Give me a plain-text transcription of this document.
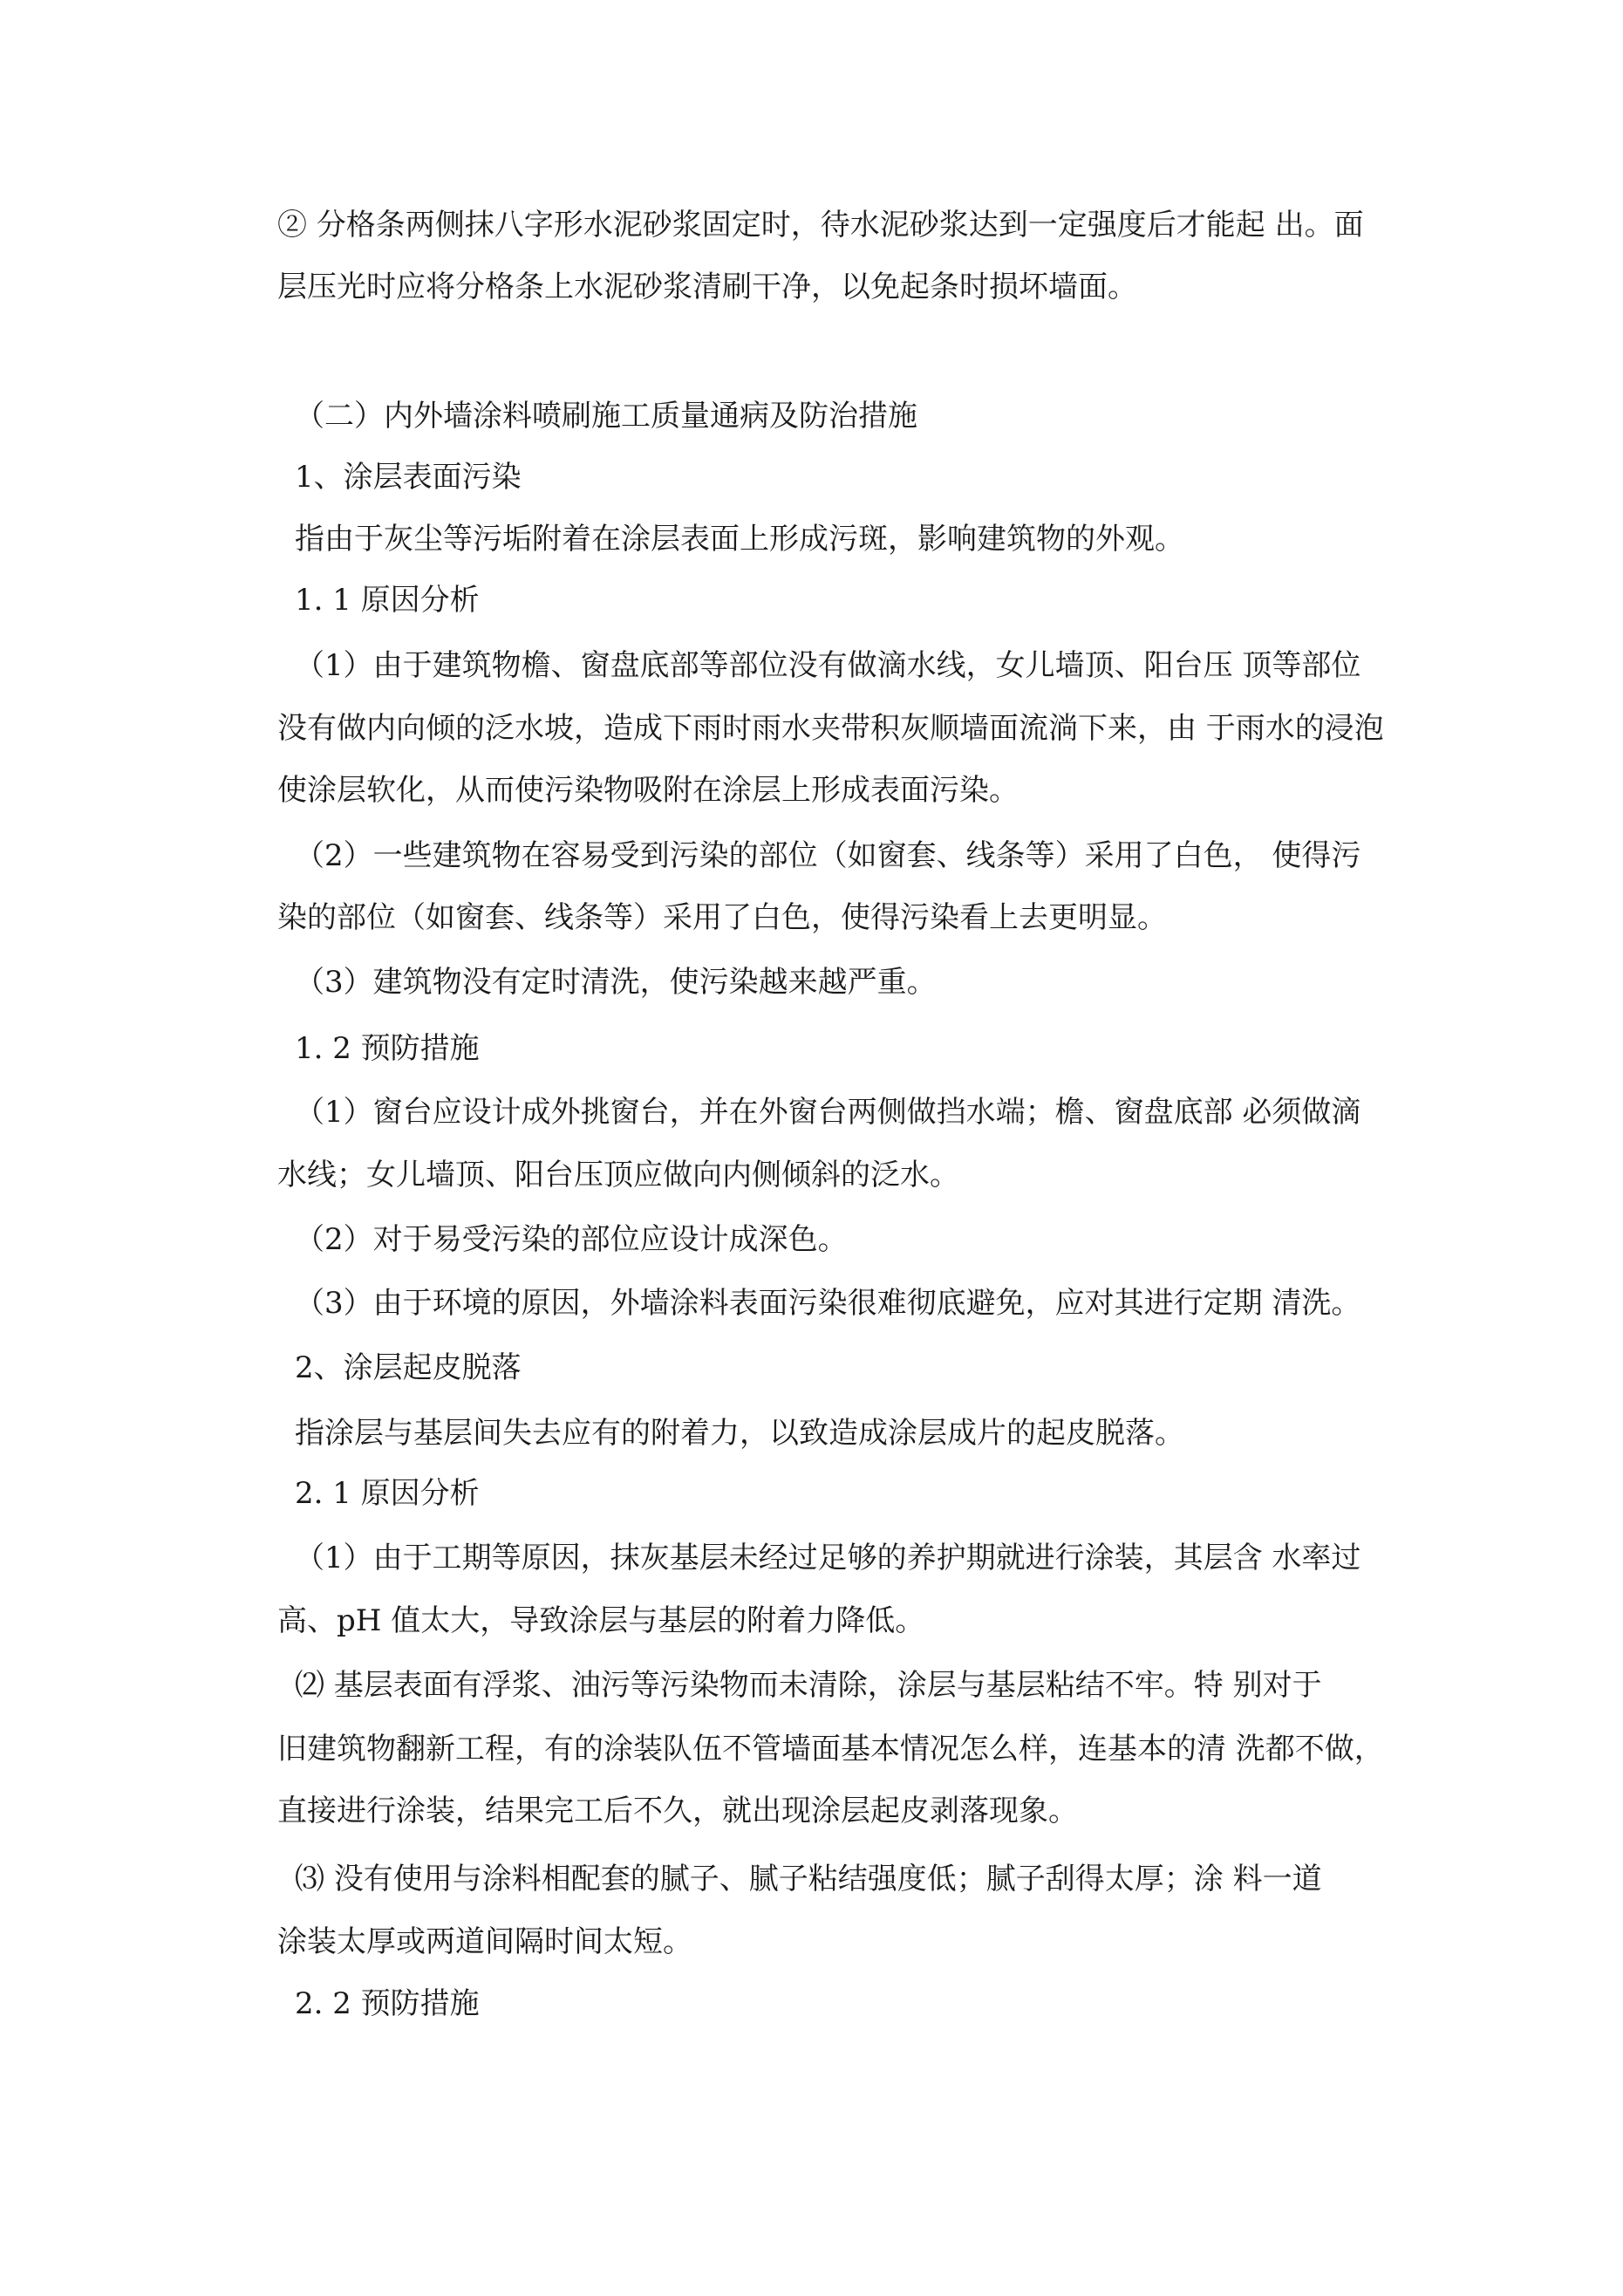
② 分格条两侧抹八字形水泥砂浆固定时，待水泥砂浆达到一定强度后才能起 出。面
层压光时应将分格条上水泥砂浆清刷干净，以免起条时损坏墙面。
（二）内外墙涂料喷刷施工质量通病及防治措施
1、涂层表面污染
指由于灰尘等污垢附着在涂层表面上形成污斑，影响建筑物的外观。
1. 1 原因分析
（1）由于建筑物檐、窗盘底部等部位没有做滴水线，女儿墙顶、阳台压 顶等部位
没有做内向倾的泛水坡，造成下雨时雨水夹带积灰顺墙面流淌下来，由 于雨水的浸泡
使涂层软化，从而使污染物吸附在涂层上形成表面污染。
（2）一些建筑物在容易受到污染的部位（如窗套、线条等）采用了白色， 使得污
染的部位（如窗套、线条等）采用了白色，使得污染看上去更明显。
（3）建筑物没有定时清洗，使污染越来越严重。
1. 2 预防措施
（1）窗台应设计成外挑窗台，并在外窗台两侧做挡水端；檐、窗盘底部 必须做滴
水线；女儿墙顶、阳台压顶应做向内侧倾斜的泛水。
（2）对于易受污染的部位应设计成深色。
（3）由于环境的原因，外墙涂料表面污染很难彻底避免，应对其进行定期 清洗。
2、涂层起皮脱落
指涂层与基层间失去应有的附着力，以致造成涂层成片的起皮脱落。
2. 1 原因分析
（1）由于工期等原因，抹灰基层未经过足够的养护期就进行涂装，其层含 水率过
高、pH 值太大，导致涂层与基层的附着力降低。
⑵ 基层表面有浮浆、油污等污染物而未清除，涂层与基层粘结不牢。特 别对于
旧建筑物翻新工程，有的涂装队伍不管墙面基本情况怎么样，连基本的清 洗都不做，
直接进行涂装，结果完工后不久，就出现涂层起皮剥落现象。
⑶ 没有使用与涂料相配套的腻子、腻子粘结强度低；腻子刮得太厚；涂 料一道
涂装太厚或两道间隔时间太短。
2. 2 预防措施
